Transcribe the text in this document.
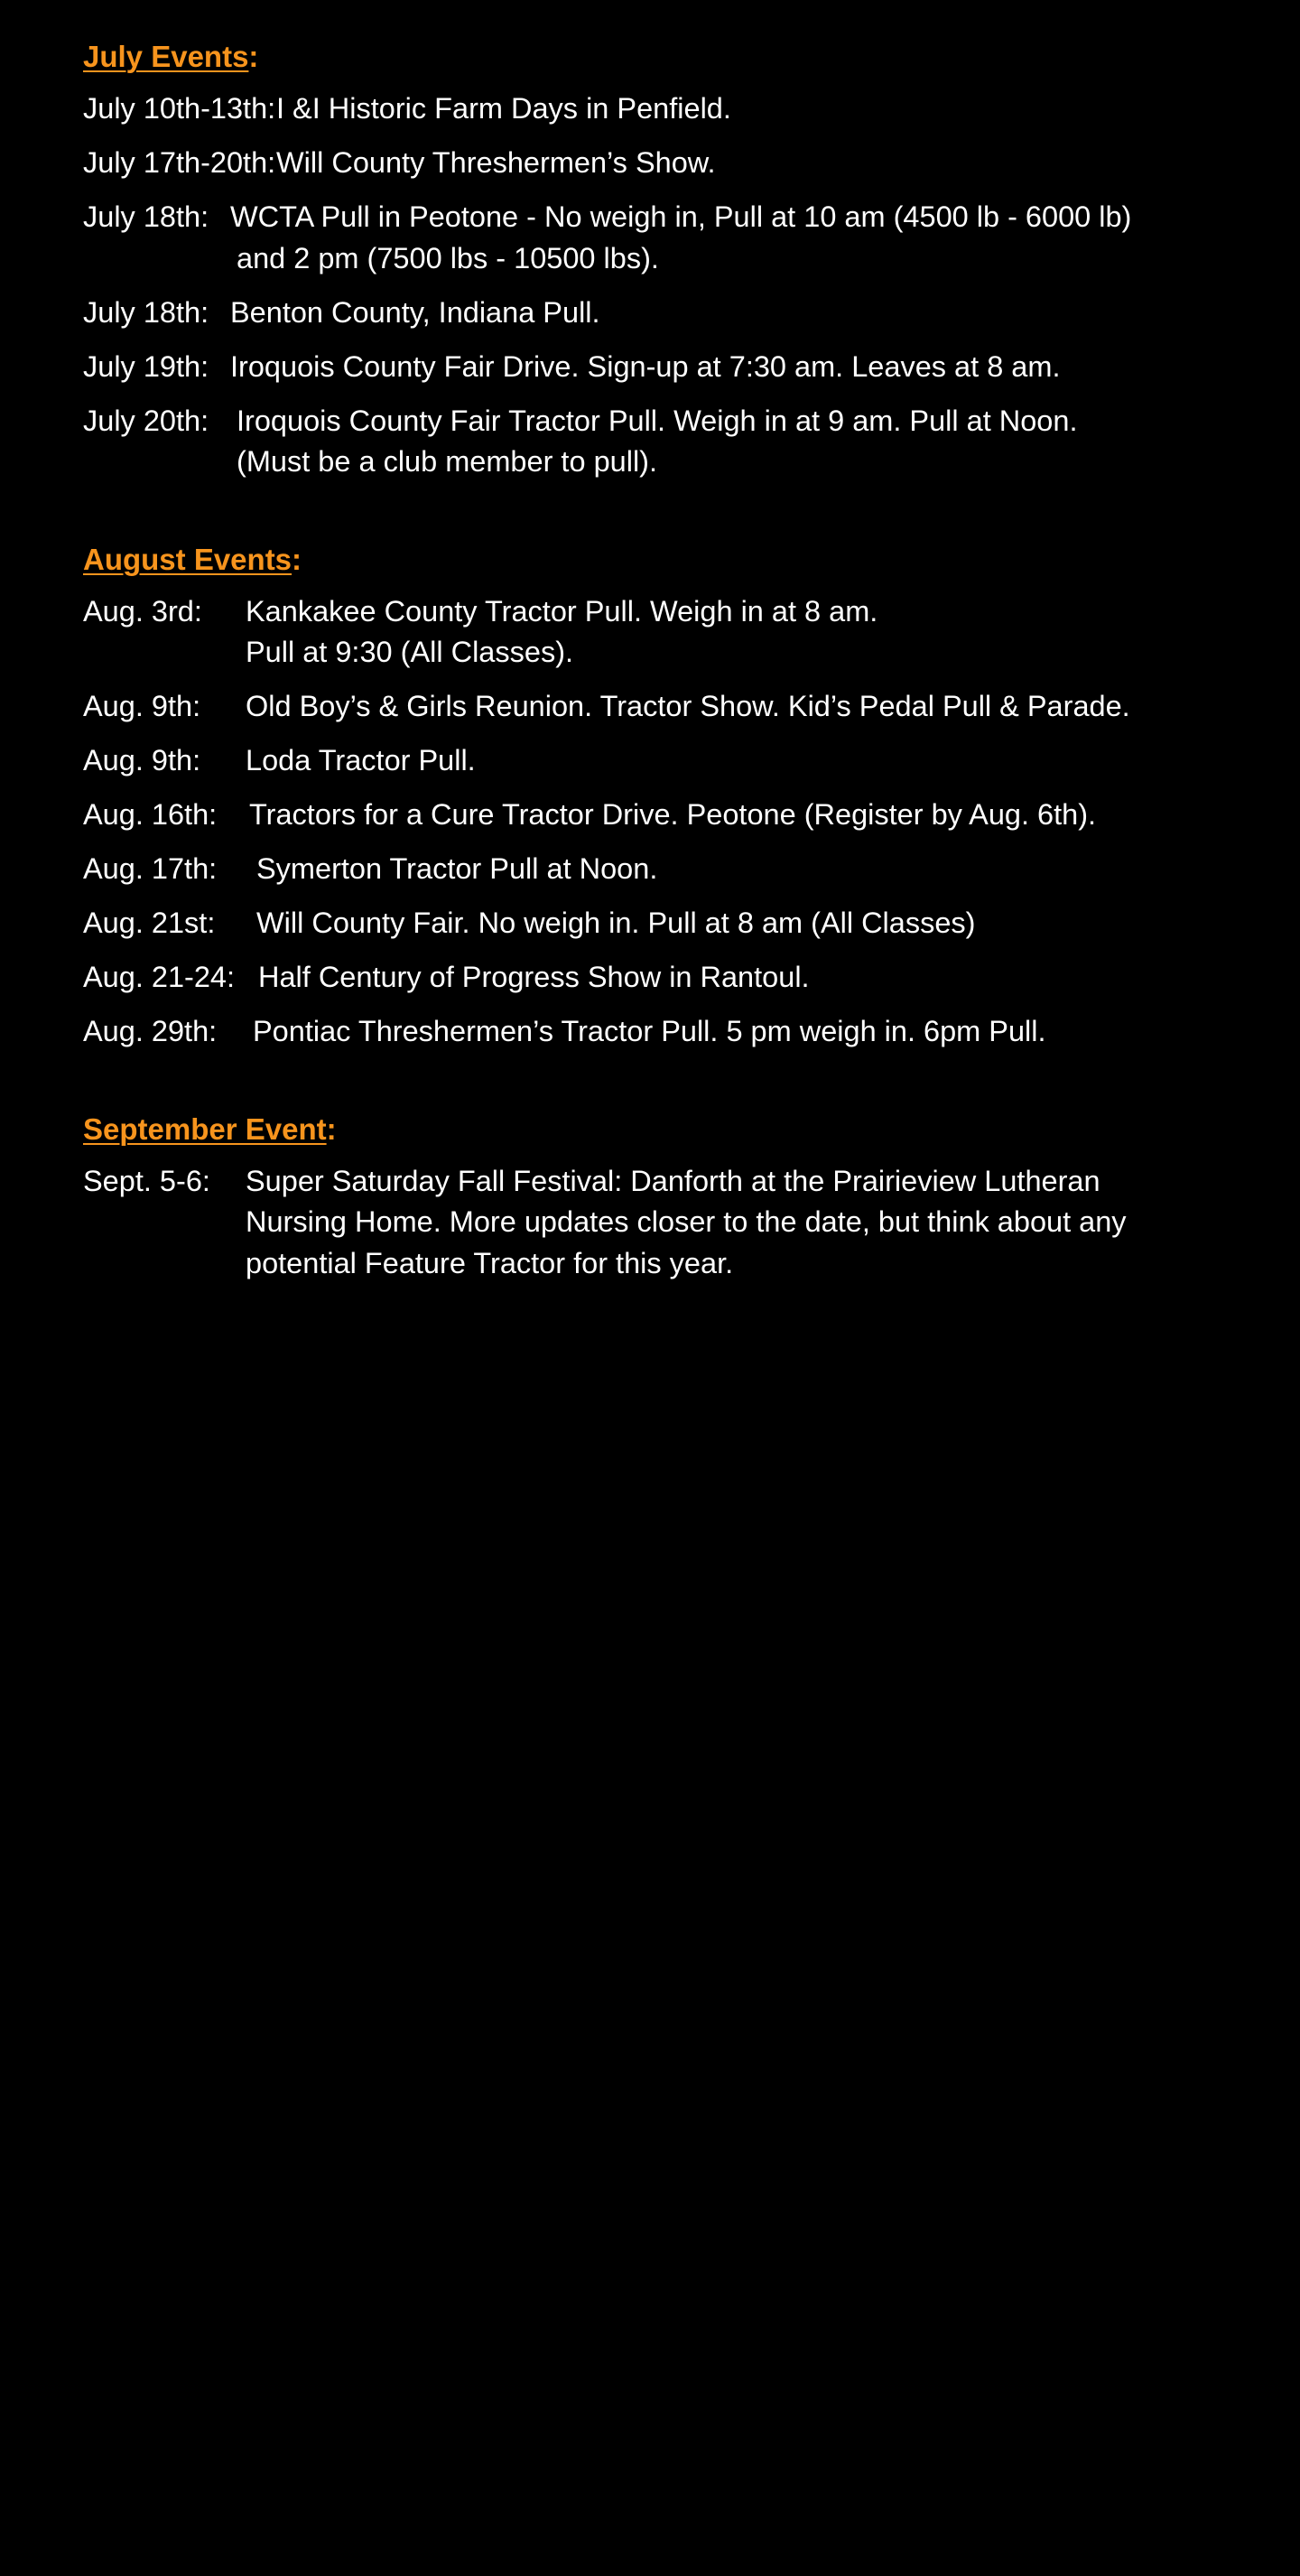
July Events:
July 10th-13th: I &I Historic Farm Days in Penfield.
July 17th-20th: Will County Threshermen’s Show.
July 18th: WCTA Pull in Peotone - No weigh in, Pull at 10 am (4500 lb - 6000 lb)
and 2 pm (7500 lbs - 10500 lbs).
July 18th: Benton County, Indiana Pull.
July 19th: Iroquois County Fair Drive. Sign-up at 7:30 am. Leaves at 8 am.
July 20th: Iroquois County Fair Tractor Pull. Weigh in at 9 am. Pull at Noon.
(Must be a club member to pull).
August Events:
Aug. 3rd:	Kankakee County Tractor Pull. Weigh in at 8 am.
Pull at 9:30 (All Classes).
Aug. 9th:	Old Boy’s & Girls Reunion. Tractor Show. Kid’s Pedal Pull & Parade.
Aug. 9th:	Loda Tractor Pull.
Aug. 16th:	Tractors for a Cure Tractor Drive. Peotone (Register by Aug. 6th).
Aug. 17th:	Symerton Tractor Pull at Noon.
Aug. 21st:	Will County Fair. No weigh in. Pull at 8 am (All Classes)
Aug. 21-24: Half Century of Progress Show in Rantoul.
Aug. 29th:	Pontiac Threshermen’s Tractor Pull. 5 pm weigh in. 6pm Pull.
September Event:
Sept. 5-6:	Super Saturday Fall Festival: Danforth at the Prairieview Lutheran
Nursing Home. More updates closer to the date, but think about any
potential Feature Tractor for this year.
